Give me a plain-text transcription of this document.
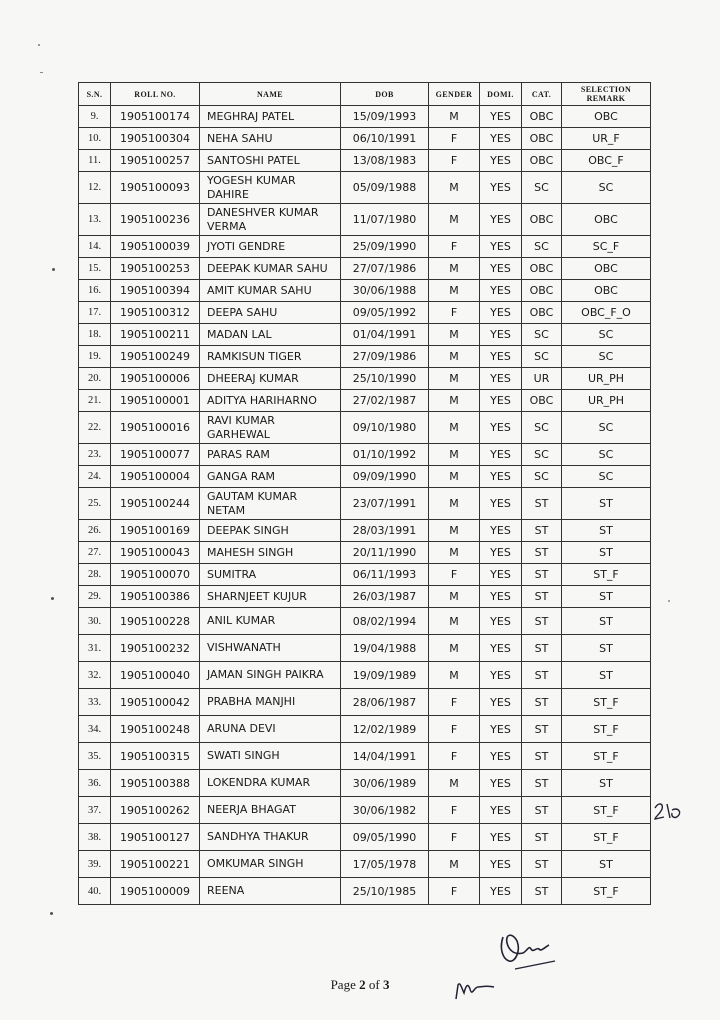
S.N.	ROLL NO.	NAME	DOB	GENDER	DOMI.	CAT.	SELECTION REMARK
9.	1905100174	MEGHRAJ PATEL	15/09/1993	M	YES	OBC	OBC
10.	1905100304	NEHA SAHU	06/10/1991	F	YES	OBC	UR_F
11.	1905100257	SANTOSHI PATEL	13/08/1983	F	YES	OBC	OBC_F
12.	1905100093	YOGESH KUMAR DAHIRE	05/09/1988	M	YES	SC	SC
13.	1905100236	DANESHVER KUMAR VERMA	11/07/1980	M	YES	OBC	OBC
14.	1905100039	JYOTI GENDRE	25/09/1990	F	YES	SC	SC_F
15.	1905100253	DEEPAK KUMAR SAHU	27/07/1986	M	YES	OBC	OBC
16.	1905100394	AMIT KUMAR SAHU	30/06/1988	M	YES	OBC	OBC
17.	1905100312	DEEPA SAHU	09/05/1992	F	YES	OBC	OBC_F_O
18.	1905100211	MADAN LAL	01/04/1991	M	YES	SC	SC
19.	1905100249	RAMKISUN TIGER	27/09/1986	M	YES	SC	SC
20.	1905100006	DHEERAJ KUMAR	25/10/1990	M	YES	UR	UR_PH
21.	1905100001	ADITYA HARIHARNO	27/02/1987	M	YES	OBC	UR_PH
22.	1905100016	RAVI KUMAR GARHEWAL	09/10/1980	M	YES	SC	SC
23.	1905100077	PARAS RAM	01/10/1992	M	YES	SC	SC
24.	1905100004	GANGA RAM	09/09/1990	M	YES	SC	SC
25.	1905100244	GAUTAM KUMAR NETAM	23/07/1991	M	YES	ST	ST
26.	1905100169	DEEPAK SINGH	28/03/1991	M	YES	ST	ST
27.	1905100043	MAHESH SINGH	20/11/1990	M	YES	ST	ST
28.	1905100070	SUMITRA	06/11/1993	F	YES	ST	ST_F
29.	1905100386	SHARNJEET KUJUR	26/03/1987	M	YES	ST	ST
30.	1905100228	ANIL KUMAR	08/02/1994	M	YES	ST	ST
31.	1905100232	VISHWANATH	19/04/1988	M	YES	ST	ST
32.	1905100040	JAMAN SINGH PAIKRA	19/09/1989	M	YES	ST	ST
33.	1905100042	PRABHA MANJHI	28/06/1987	F	YES	ST	ST_F
34.	1905100248	ARUNA DEVI	12/02/1989	F	YES	ST	ST_F
35.	1905100315	SWATI SINGH	14/04/1991	F	YES	ST	ST_F
36.	1905100388	LOKENDRA KUMAR	30/06/1989	M	YES	ST	ST
37.	1905100262	NEERJA BHAGAT	30/06/1982	F	YES	ST	ST_F
38.	1905100127	SANDHYA THAKUR	09/05/1990	F	YES	ST	ST_F
39.	1905100221	OMKUMAR SINGH	17/05/1978	M	YES	ST	ST
40.	1905100009	REENA	25/10/1985	F	YES	ST	ST_F
Page 2 of 3
